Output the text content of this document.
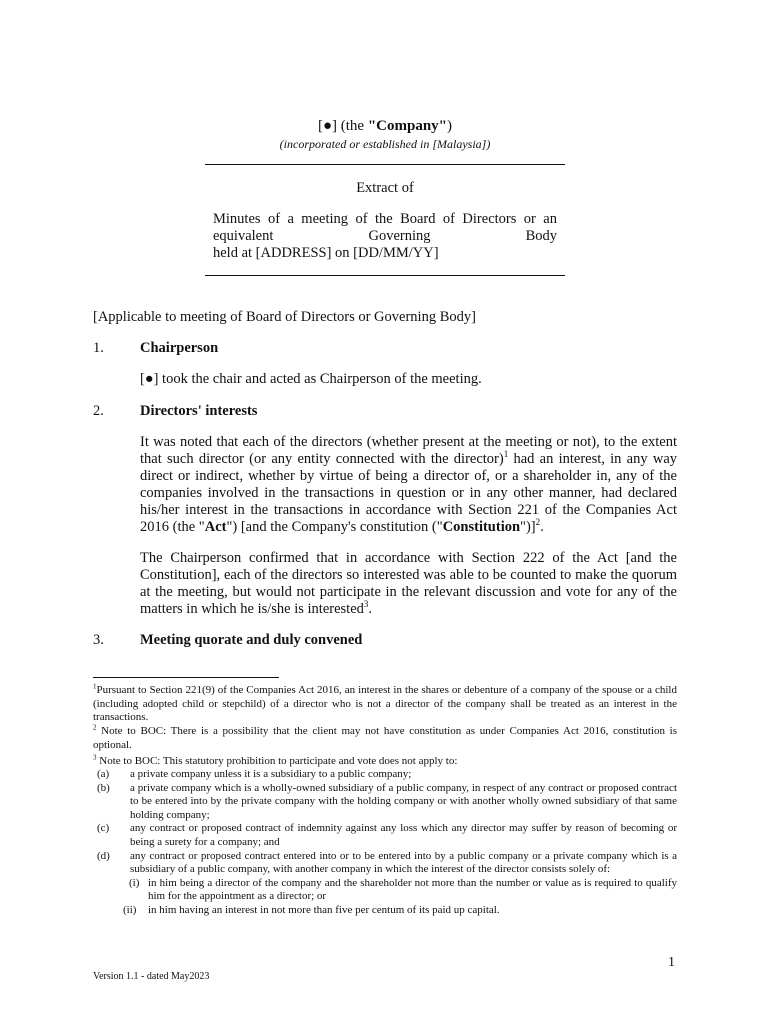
[●] (the "Company")
(incorporated or established in [Malaysia])
Extract of
Minutes of a meeting of the Board of Directors or an
equivalent Governing Body
held at [ADDRESS] on [DD/MM/YY]
[Applicable to meeting of Board of Directors or Governing Body]
1. Chairperson
[●] took the chair and acted as Chairperson of the meeting.
2. Directors' interests
It was noted that each of the directors (whether present at the meeting or not), to the extent that such director (or any entity connected with the director)$^1$ had an interest, in any way direct or indirect, whether by virtue of being a director of, or a shareholder in, any of the companies involved in the transactions in question or in any other manner, had declared his/her interest in the transactions in accordance with Section 221 of the Companies Act 2016 (the "Act") [and the Company's constitution ("Constitution")]$^2$.
The Chairperson confirmed that in accordance with Section 222 of the Act [and the Constitution], each of the directors so interested was able to be counted to make the quorum at the meeting, but would not participate in the relevant discussion and vote for any of the matters in which he is/she is interested$^3$.
3. Meeting quorate and duly convened
$^1$Pursuant to Section 221(9) of the Companies Act 2016, an interest in the shares or debenture of a company of the spouse or a child (including adopted child or stepchild) of a director who is not a director of the company shall be treated as an interest in the transactions.
$^2$ Note to BOC: There is a possibility that the client may not have constitution as under Companies Act 2016, constitution is optional.
$^3$ Note to BOC: This statutory prohibition to participate and vote does not apply to:
(a)	a private company unless it is a subsidiary to a public company;
(b)	a private company which is a wholly-owned subsidiary of a public company, in respect of any contract or proposed contract to be entered into by the private company with the holding company or with another wholly owned subsidiary of that same holding company;
(c)	any contract or proposed contract of indemnity against any loss which any director may suffer by reason of becoming or being a surety for a company; and
(d)	any contract or proposed contract entered into or to be entered into by a public company or a private company which is a subsidiary of a public company, with another company in which the interest of the director consists solely of:
(i) in him being a director of the company and the shareholder not more than the number or value as is required to qualify him for the appointment as a director; or
(ii)	in him having an interest in not more than five per centum of its paid up capital.
1
Version 1.1 - dated May2023
